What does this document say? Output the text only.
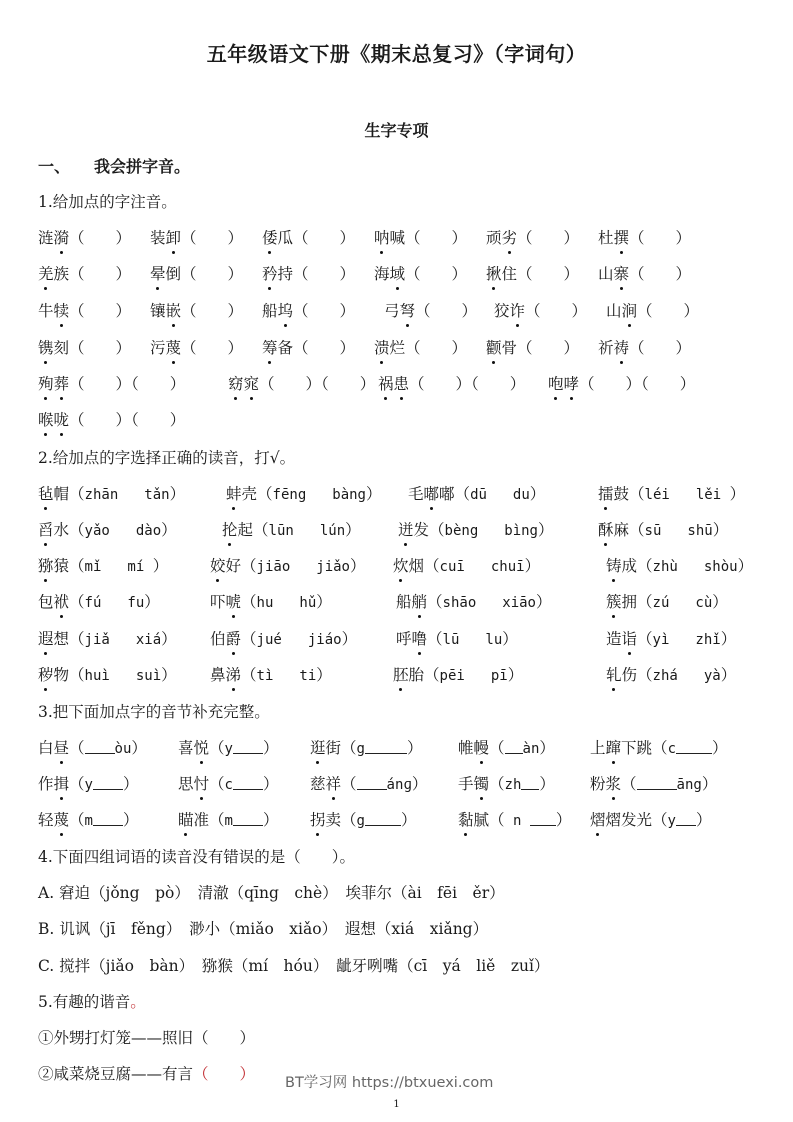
五年级语文下册《期末总复习》（字词句）
生字专项
一、 我会拼字音。
1.给加点的字注音。
涟漪（　　） 装卸（　　） 倭瓜（　　） 呐喊（　　） 顽劣（　　） 杜撰（　　）
羌族（　　） 晕倒（　　） 矜持（　　） 海域（　　） 揪住（　　） 山寨（　　）
牛犊（　　） 镶嵌（　　） 船坞（　　） 弓弩（　　） 狡诈（　　） 山涧（　　）
镌刻（　　） 污蔑（　　） 筹备（　　） 溃烂（　　） 颧骨（　　） 祈祷（　　）
殉葬（　　）（　　）	窈窕（　　）（　　） 祸患（　　）（　　） 咆哮（　　）（　　）
喉咙（　　）（　　）
2.给加点的字选择正确的读音，打√。
毡帽（zhān tǎn）	蚌壳（fēng bàng） 毛嘟嘟（dū du）	擂鼓（léi lěi ）
舀水（yǎo dào）	抡起（lūn lún） 迸发（bèng bìng）	酥麻（sū shū）
猕猿（mǐ mí ）	姣好（jiāo jiǎo） 炊烟（cuī chuī）	铸成（zhù shòu）
包袱（fú fu）	吓唬（hu hǔ）	船艄（shāo xiāo）	簇拥（zú cù）
遐想（jiǎ xiá） 伯爵（jué jiáo）	呼噜（lū lu）	造诣（yì zhǐ）
秽物（huì suì） 鼻涕（tì ti）	胚胎（pēi pī）	轧伤（zhá yà）
3.把下面加点字的音节补充完整。
白昼（ òu） 喜悦（y ） 逛街（g	） 帷幔（ àn） 上蹿下跳（c ）
作揖（y ）	思忖（c ） 慈祥（ ánɡ） 手镯（zh ） 粉浆（	āng）
轻蔑（m ）	瞄准（m ） 拐卖（g ）	黏腻（ n ） 熠熠发光（y ）
4.下面四组词语的读音没有错误的是（　　）。
A. 窘迫（jǒng　pò）　清澈（qīng　chè）　埃菲尔（ài　fēi　ěr）
B. 讥讽（jī　fěng）　渺小（miǎo　xiǎo）　遐想（xiá　xiǎng）
C. 搅拌（jiǎo　bàn）　猕猴（mí　hóu）　龇牙咧嘴（cī　yá　liě　zuǐ）
5.有趣的谐音。
①外甥打灯笼——照旧（　　）
②咸菜烧豆腐——有言（　　） BT学习网 https://btxuexi.com
1
